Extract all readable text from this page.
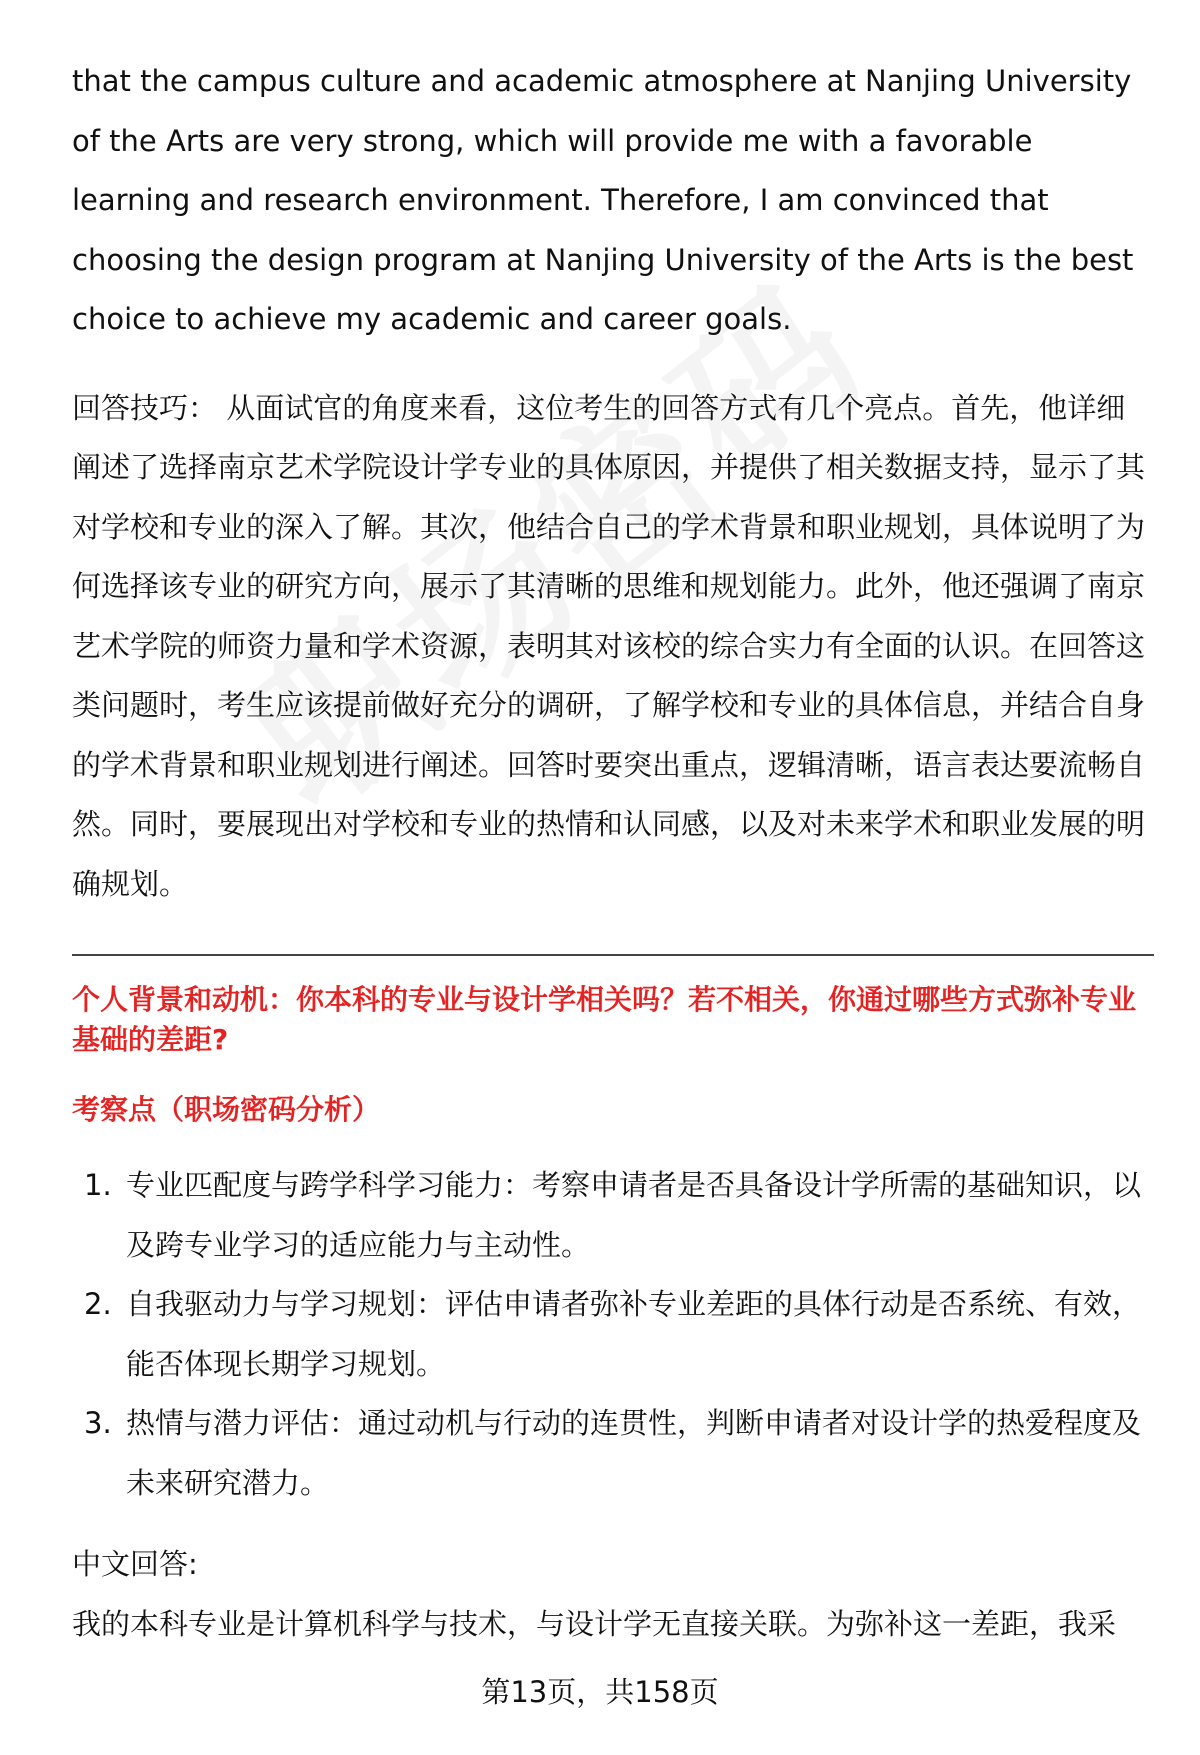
that the campus culture and academic atmosphere at Nanjing University of the Arts are very strong, which will provide me with a favorable learning and research environment. Therefore, I am convinced that choosing the design program at Nanjing University of the Arts is the best choice to achieve my academic and career goals.

回答技巧： 从面试官的角度来看，这位考生的回答方式有几个亮点。首先，他详细阐述了选择南京艺术学院设计学专业的具体原因，并提供了相关数据支持，显示了其对学校和专业的深入了解。其次，他结合自己的学术背景和职业规划，具体说明了为何选择该专业的研究方向，展示了其清晰的思维和规划能力。此外，他还强调了南京艺术学院的师资力量和学术资源，表明其对该校的综合实力有全面的认识。在回答这类问题时，考生应该提前做好充分的调研，了解学校和专业的具体信息，并结合自身的学术背景和职业规划进行阐述。回答时要突出重点，逻辑清晰，语言表达要流畅自然。同时，要展现出对学校和专业的热情和认同感，以及对未来学术和职业发展的明确规划。

个人背景和动机：你本科的专业与设计学相关吗？若不相关，你通过哪些方式弥补专业基础的差距?

考察点（职场密码分析）

1. 专业匹配度与跨学科学习能力：考察申请者是否具备设计学所需的基础知识，以及跨专业学习的适应能力与主动性。
2. 自我驱动力与学习规划：评估申请者弥补专业差距的具体行动是否系统、有效，能否体现长期学习规划。
3. 热情与潜力评估：通过动机与行动的连贯性，判断申请者对设计学的热爱程度及未来研究潜力。

中文回答:

我的本科专业是计算机科学与技术，与设计学无直接关联。为弥补这一差距，我采

第13页，共158页
